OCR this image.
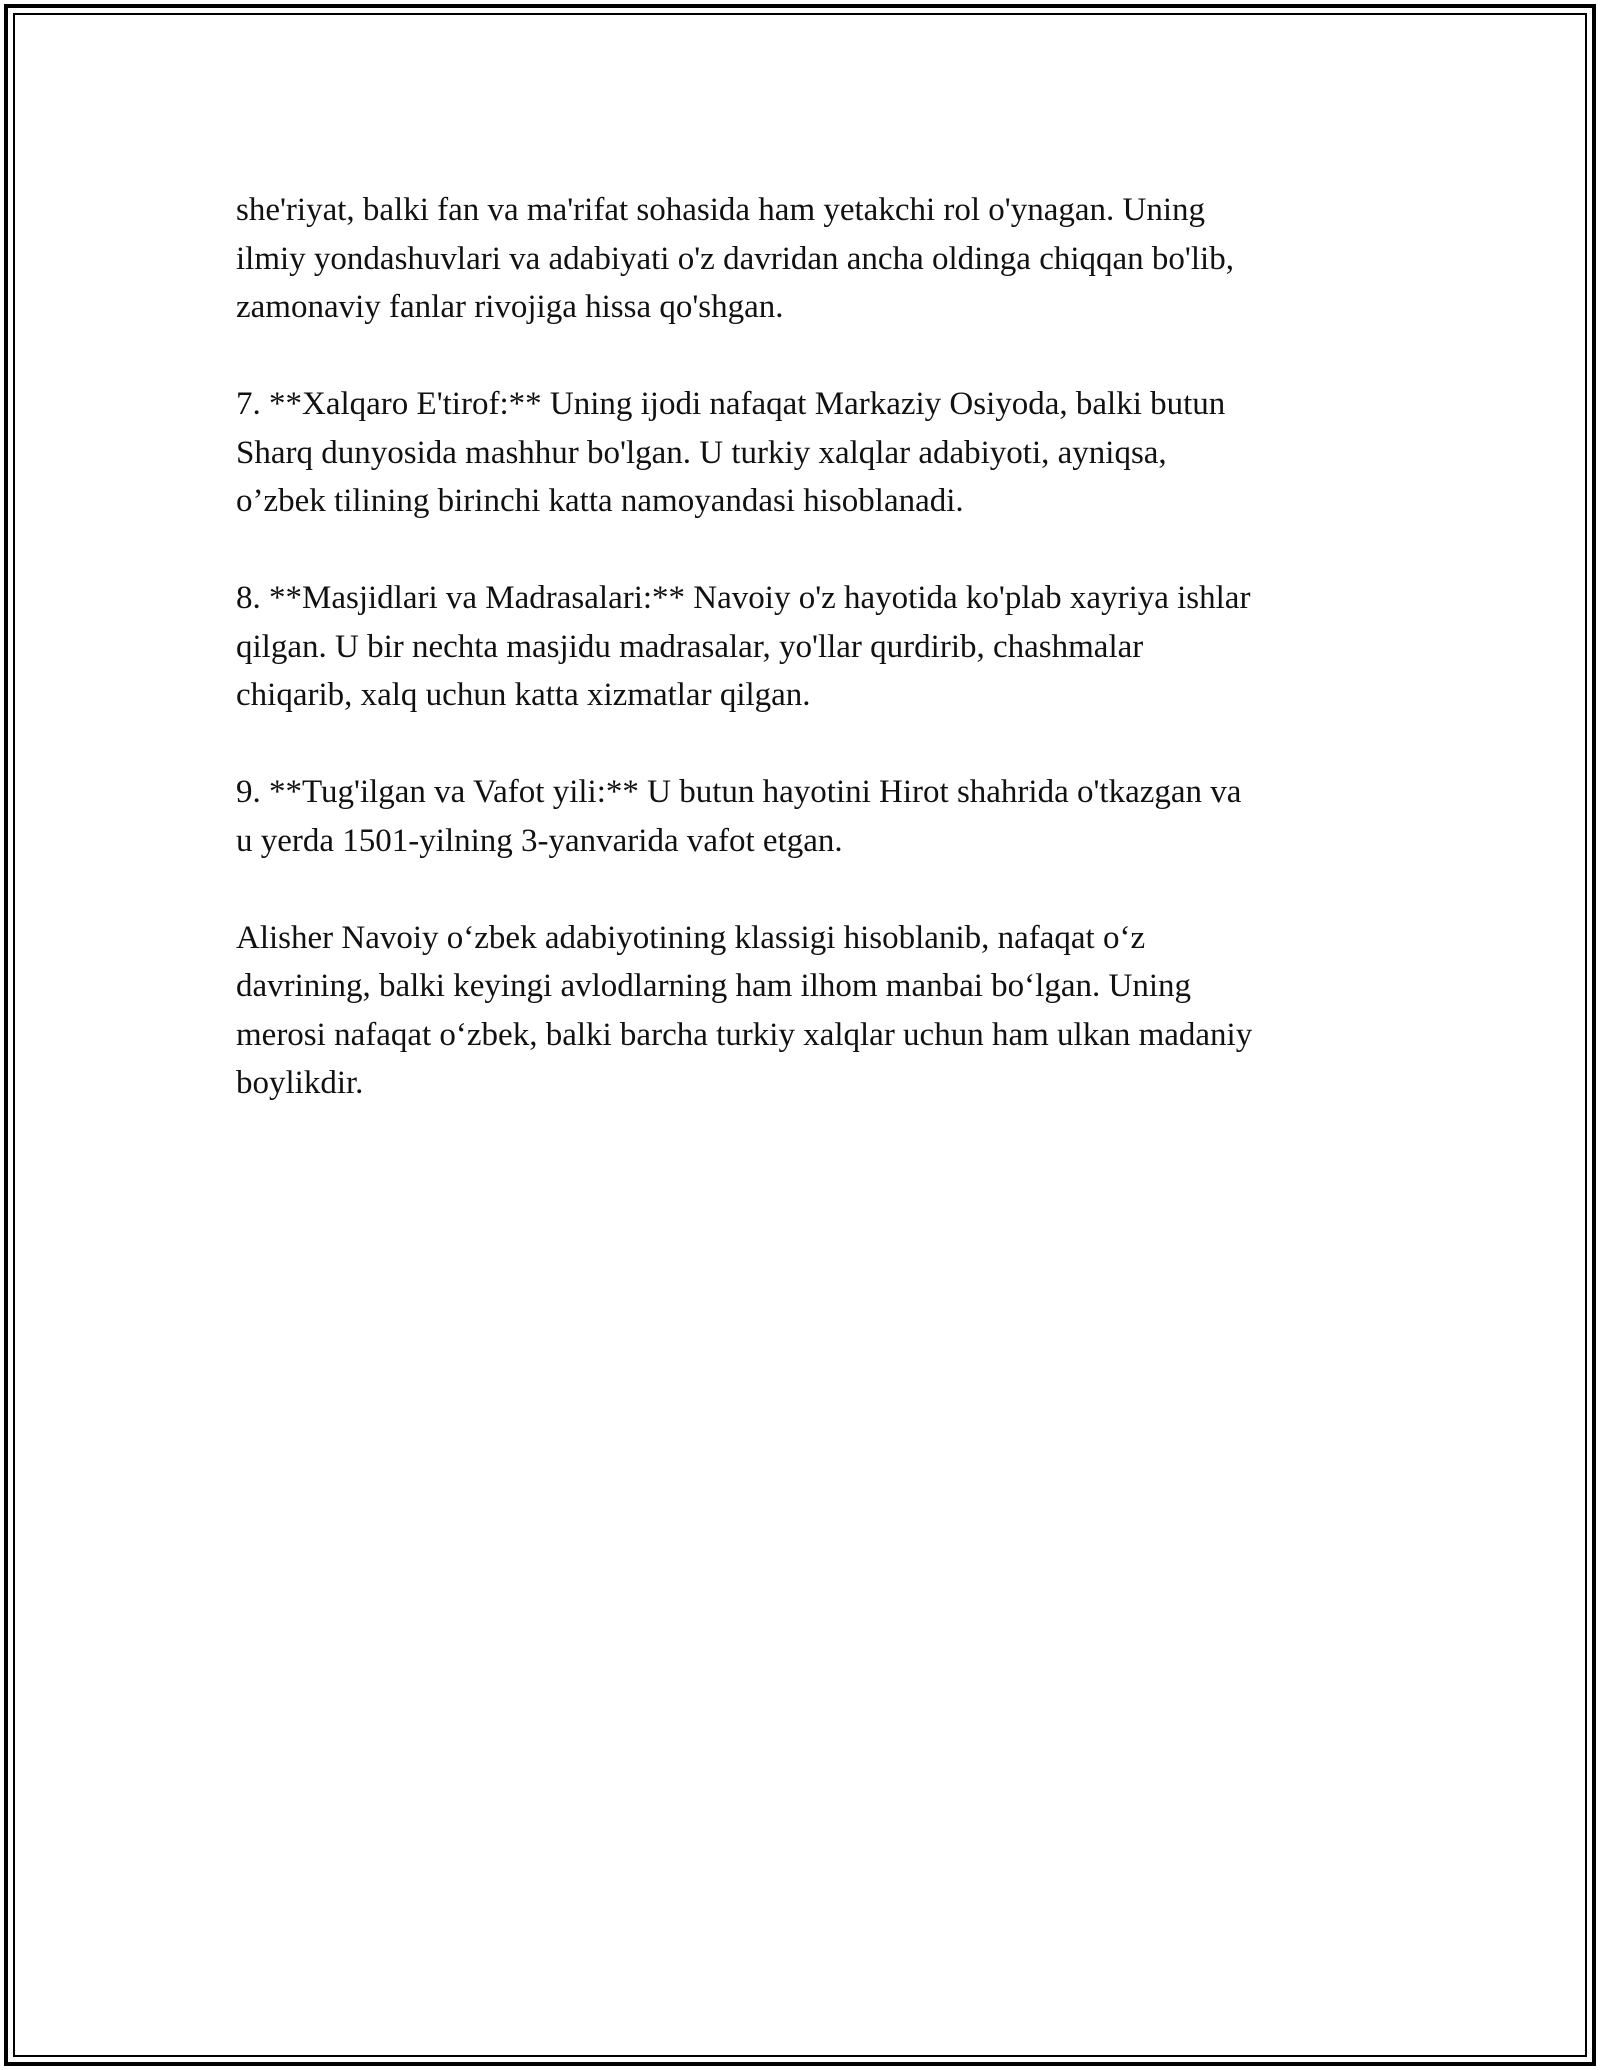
she'riyat, balki fan va ma'rifat sohasida ham yetakchi rol o'ynagan. Uning
ilmiy yondashuvlari va adabiyati o'z davridan ancha oldinga chiqqan bo'lib,
zamonaviy fanlar rivojiga hissa qo'shgan.

7. **Xalqaro E'tirof:** Uning ijodi nafaqat Markaziy Osiyoda, balki butun
Sharq dunyosida mashhur bo'lgan. U turkiy xalqlar adabiyoti, ayniqsa,
o’zbek tilining birinchi katta namoyandasi hisoblanadi.

8. **Masjidlari va Madrasalari:** Navoiy o'z hayotida ko'plab xayriya ishlar
qilgan. U bir nechta masjidu madrasalar, yo'llar qurdirib, chashmalar
chiqarib, xalq uchun katta xizmatlar qilgan.

9. **Tug'ilgan va Vafot yili:** U butun hayotini Hirot shahrida o'tkazgan va
u yerda 1501-yilning 3-yanvarida vafot etgan.

Alisher Navoiy o‘zbek adabiyotining klassigi hisoblanib, nafaqat o‘z
davrining, balki keyingi avlodlarning ham ilhom manbai bo‘lgan. Uning
merosi nafaqat o‘zbek, balki barcha turkiy xalqlar uchun ham ulkan madaniy
boylikdir.
